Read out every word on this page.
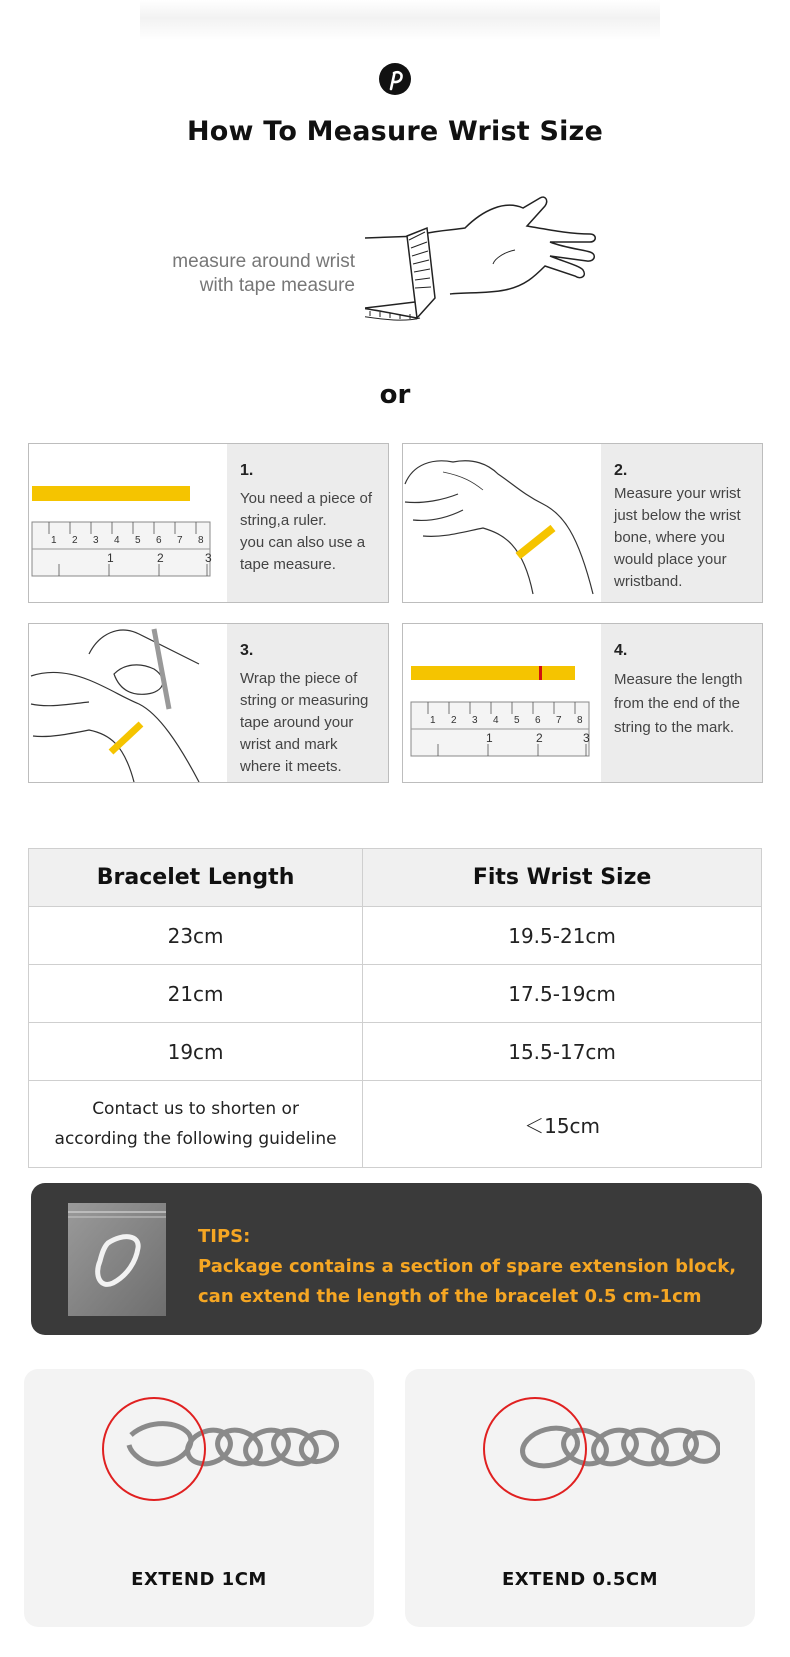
How To Measure Wrist Size
measure around wrist
with tape measure
or
1 2 3 4 5 6 7 8
1	2	3
1.
You need a piece of
string,a ruler.
you can also use a
tape measure.
2.
Measure your wrist
just below the wrist
bone, where you
would place your
wristband.
3.
Wrap the piece of
string or measuring
tape around your
wrist and mark
where it meets.
1 2 3 4 5 6 7 8
1	2	3
4.
Measure the length
from the end of the
string to the mark.
Bracelet Length	Fits Wrist Size
23cm	19.5-21cm
21cm	17.5-19cm
19cm	15.5-17cm

Contact us to shorten or
according the following guideline	＜15cm
TIPS:
Package contains a section of spare extension block,
can extend the length of the bracelet 0.5 cm-1cm
EXTEND 1CM	EXTEND 0.5CM
